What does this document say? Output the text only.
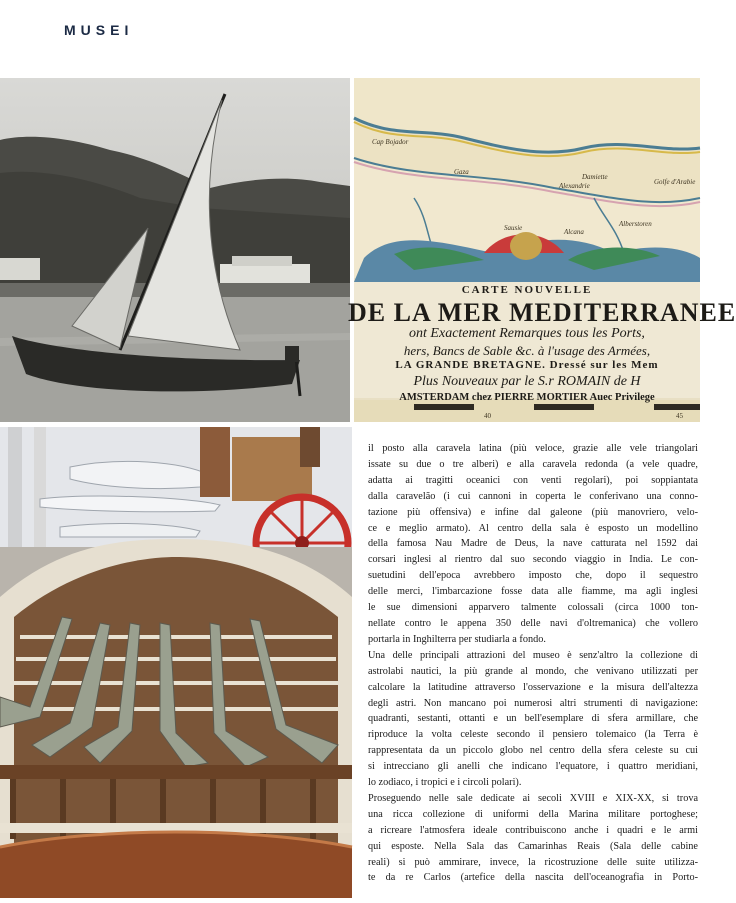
MUSEI
Cap Bojador
Alexandrie
Damiette
Golfe d'Arabie
Alcana
Alberstoren
Sausie
Gaza
CARTE NOUVELLE
DE LA MER MEDITERRANEE
ont Exactement Remarques tous les Ports,
hers, Bancs de Sable &c. à l'usage des Armées,
LA GRANDE BRETAGNE. Dressé sur les Mem
Plus Nouveaux par le S.r ROMAIN de H
AMSTERDAM chez PIERRE MORTIER Auec Privilege
40	45

il posto alla caravela latina (più veloce, grazie alle vele triangolari
issate su due o tre alberi) e alla caravela redonda (a vele quadre,
adatta ai tragitti oceanici con venti regolari), poi soppiantata
dalla caravelão (i cui cannoni in coperta le conferivano una conno-
tazione più offensiva) e infine dal galeone (più manovriero, velo-
ce e meglio armato). Al centro della sala è esposto un modellino
della famosa Nau Madre de Deus, la nave catturata nel 1592 dai
corsari inglesi al rientro dal suo secondo viaggio in India. Le con-
suetudini dell'epoca avrebbero imposto che, dopo il sequestro
delle merci, l'imbarcazione fosse data alle fiamme, ma agli inglesi
le sue dimensioni apparvero talmente colossali (circa 1000 ton-
nellate contro le appena 350 delle navi d'oltremanica) che vollero
portarla in Inghilterra per studiarla a fondo.

Una delle principali attrazioni del museo è senz'altro la collezione di
astrolabi nautici, la più grande al mondo, che venivano utilizzati per
calcolare la latitudine attraverso l'osservazione e la misura dell'altezza
degli astri. Non mancano poi numerosi altri strumenti di navigazione:
quadranti, sestanti, ottanti e un bell'esemplare di sfera armillare, che
riproduce la volta celeste secondo il pensiero tolemaico (la Terra è
rappresentata da un piccolo globo nel centro della sfera celeste su cui
si intrecciano gli anelli che indicano l'equatore, i quattro meridiani,
lo zodiaco, i tropici e i circoli polari).

Proseguendo nelle sale dedicate ai secoli XVIII e XIX-XX, si trova
una ricca collezione di uniformi della Marina militare portoghese;
a ricreare l'atmosfera ideale contribuiscono anche i quadri e le armi
qui esposte. Nella Sala das Camarinhas Reais (Sala delle cabine
reali) si può ammirare, invece, la ricostruzione delle suite utilizza-
te da re Carlos (artefice della nascita dell'oceanografia in Porto-
